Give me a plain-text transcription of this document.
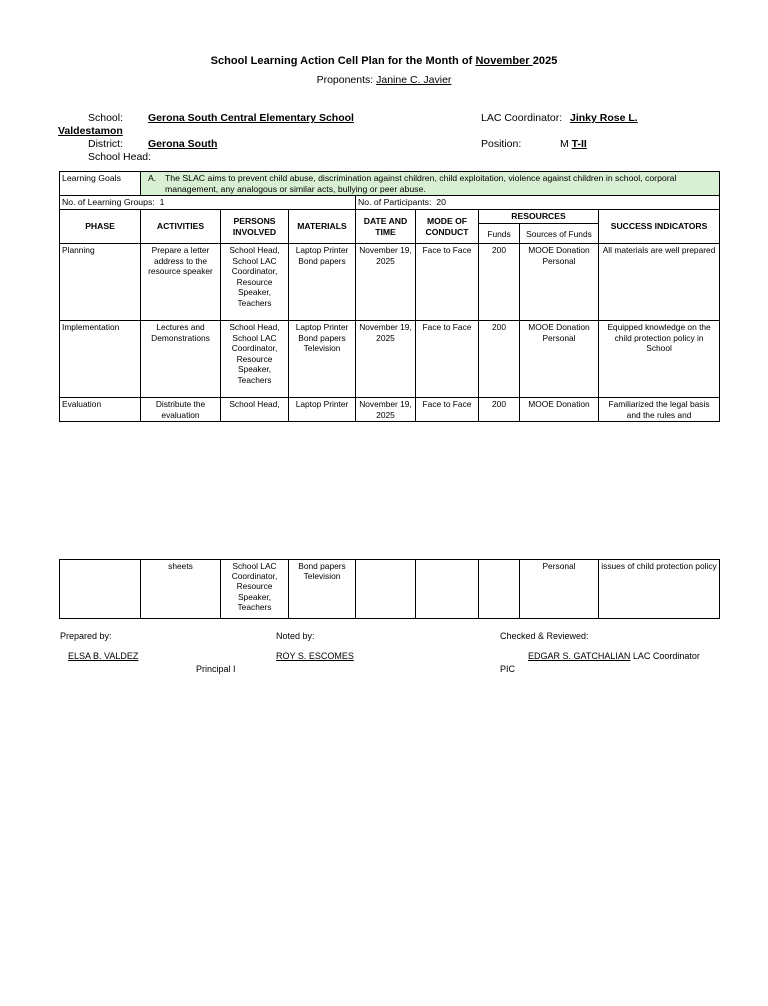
School Learning Action Cell Plan for the Month of November 2025
Proponents: Janine C. Javier
School: Gerona South Central Elementary School	LAC Coordinator: Jinky Rose L.
Valdestamon
District: Gerona South	Position:	M T-II
School Head:
Learning Goals	A. The SLAC aims to prevent child abuse, discrimination against children, child exploitation, violence against children in school, corporal management, any analogous or similar acts, bullying or peer abuse.							

No. of Learning Groups: 1				No. of Participants: 20				
PHASE	ACTIVITIES	PERSONS INVOLVED	MATERIALS	DATE AND TIME	MODE OF CONDUCT	RESOURCES		SUCCESS INDICATORS
						Funds	Sources of Funds	
Planning	Prepare a letter address to the resource speaker	School Head, School LAC Coordinator, Resource Speaker, Teachers	Laptop Printer Bond papers	November 19, 2025	Face to Face	200	MOOE Donation Personal	All materials are well prepared
Implementation	Lectures and Demonstrations	School Head, School LAC Coordinator, Resource Speaker, Teachers	Laptop Printer Bond papers Television	November 19, 2025	Face to Face	200	MOOE Donation Personal	Equipped knowledge on the child protection policy in School
Evaluation	Distribute the evaluation	School Head,	Laptop Printer	November 19, 2025	Face to Face	200	MOOE Donation	Familiarized the legal basis and the rules and
	sheets	School LAC Coordinator, Resource Speaker, Teachers	Bond papers Television				Personal	issues of child protection policy
Prepared by:	Noted by:	Checked & Reviewed:
ELSA B. VALDEZ	ROY S. ESCOMES	EDGAR S. GATCHALIAN LAC Coordinator
Principal I	PIC
